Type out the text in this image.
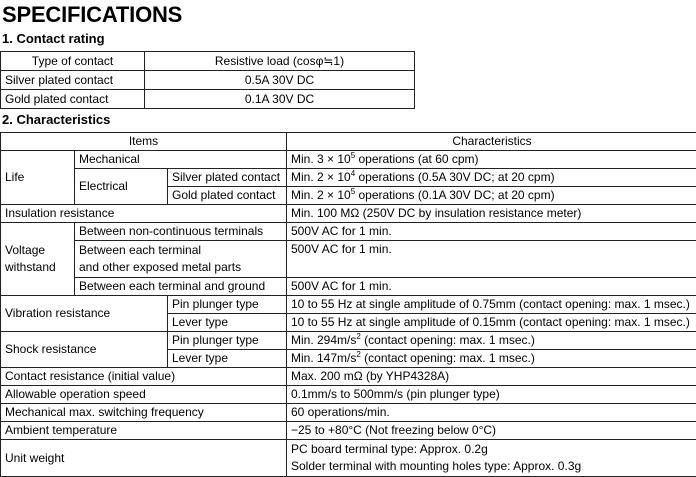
SPECIFICATIONS
1. Contact rating
Type of contact	Resistive load (cosφ≒1)
Silver plated contact	0.5A 30V DC
Gold plated contact	0.1A 30V DC
2. Characteristics
Items			Characteristics
Life	Mechanical		Min. $3 \times 10^5$ operations (at 60 cpm)
	Electrical	Silver plated contact	Min. $2 \times 10^4$ operations (0.5A 30V DC; at 20 cpm)
		Gold plated contact	Min. $2 \times 10^5$ operations (0.1A 30V DC; at 20 cpm)
Insulation resistance			Min. 100 MΩ (250V DC by insulation resistance meter)
Voltage
withstand	Between non-continuous terminals		500V AC for 1 min.
	Between each terminal
and other exposed metal parts		500V AC for 1 min.
	Between each terminal and ground		500V AC for 1 min.
Vibration resistance		Pin plunger type	10 to 55 Hz at single amplitude of 0.75mm (contact opening: max. 1 msec.)
		Lever type	10 to 55 Hz at single amplitude of 0.15mm (contact opening: max. 1 msec.)
Shock resistance		Pin plunger type	Min. $294m/s^2$ (contact opening: max. 1 msec.)
		Lever type	Min. $147m/s^2$ (contact opening: max. 1 msec.)
Contact resistance (initial value)			Max. 200 mΩ (by YHP4328A)
Allowable operation speed			0.1mm/s to 500mm/s (pin plunger type)
Mechanical max. switching frequency			60 operations/min.
Ambient temperature			−25 to +80°C (Not freezing below 0°C)
Unit weight			PC board terminal type: Approx. 0.2g
Solder terminal with mounting holes type: Approx. 0.3g
